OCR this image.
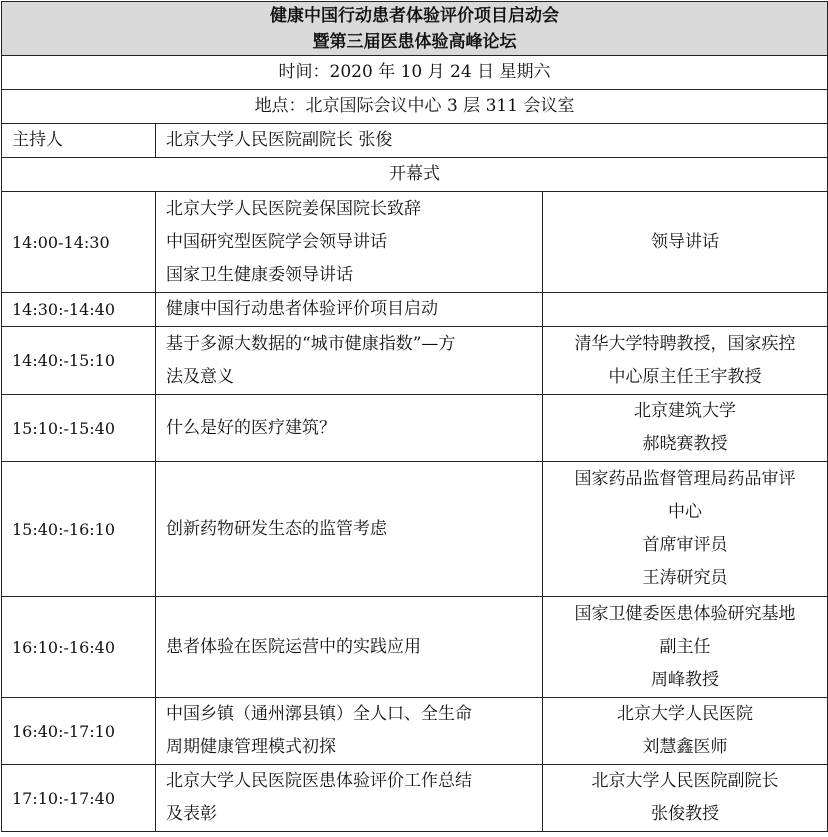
健康中国行动患者体验评价项目启动会
暨第三届医患体验高峰论坛		

时间：2020 年 10 月 24 日 星期六		
地点：北京国际会议中心 3 层 311 会议室		
主持人	北京大学人民医院副院长 张俊	
开幕式		
14:00-14:30	北京大学人民医院姜保国院长致辞
中国研究型医院学会领导讲话
国家卫生健康委领导讲话	领导讲话

14:30:-14:40	健康中国行动患者体验评价项目启动	

14:40:-15:10	基于多源大数据的“城市健康指数”—方
法及意义	清华大学特聘教授，国家疾控
中心原主任王宇教授

15:10:-15:40	什么是好的医疗建筑？	北京建筑大学
郝晓赛教授

15:40:-16:10	创新药物研发生态的监管考虑	国家药品监督管理局药品审评
中心
首席审评员
王涛研究员

16:10:-16:40	患者体验在医院运营中的实践应用	国家卫健委医患体验研究基地
副主任
周峰教授

16:40:-17:10	中国乡镇（通州漷县镇）全人口、全生命
周期健康管理模式初探	北京大学人民医院
刘慧鑫医师

17:10:-17:40	北京大学人民医院医患体验评价工作总结
及表彰	北京大学人民医院副院长
张俊教授
